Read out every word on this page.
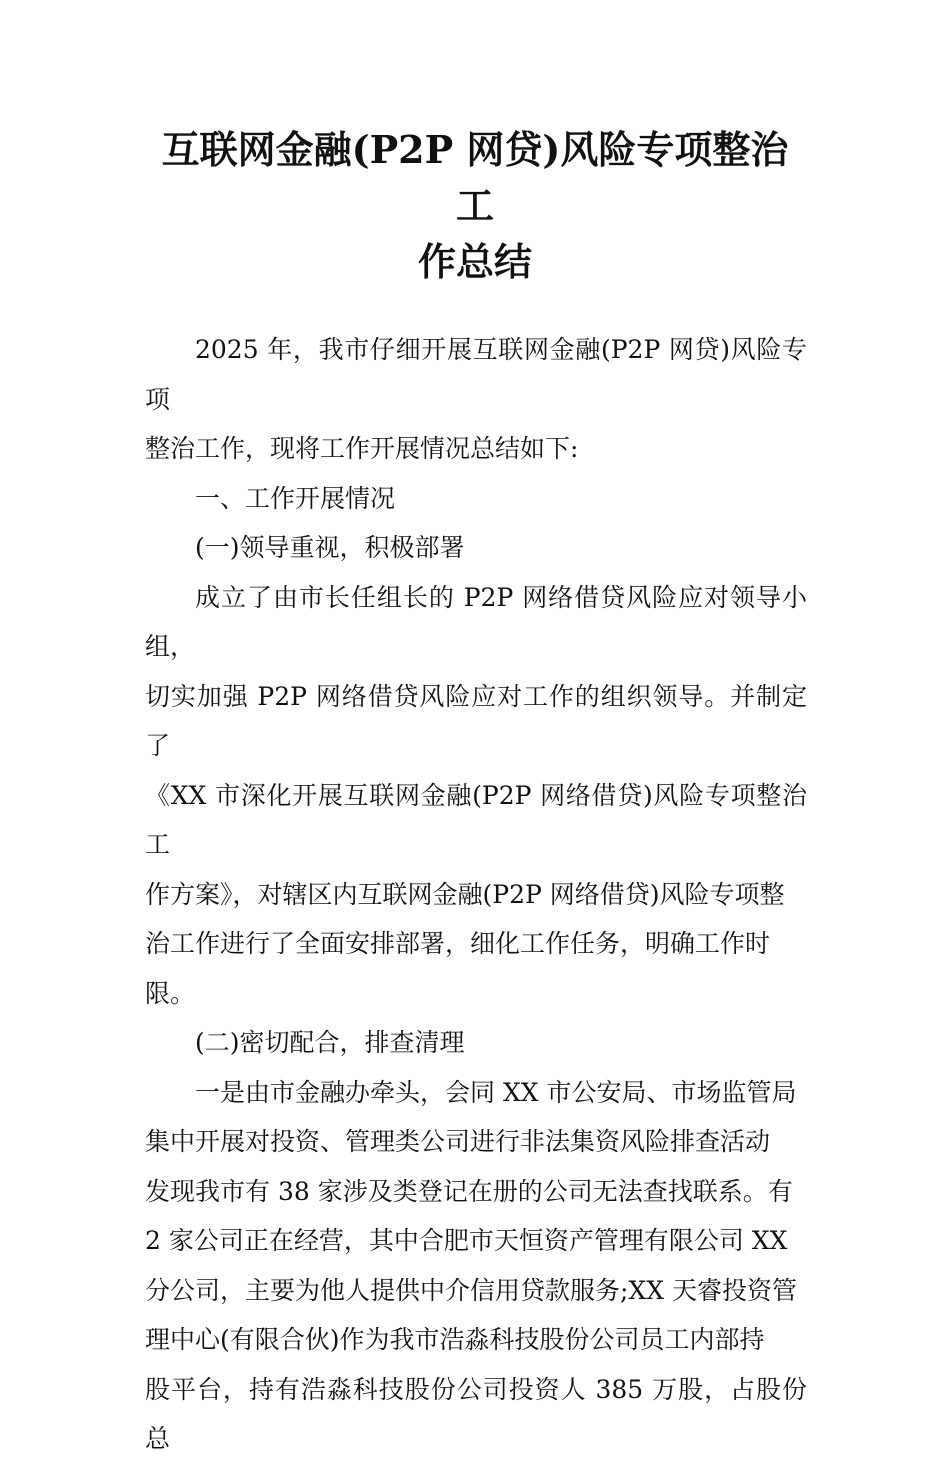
互联网金融(P2P 网贷)风险专项整治工
作总结

2025 年，我市仔细开展互联网金融(P2P 网贷)风险专项

整治工作，现将工作开展情况总结如下:

一、工作开展情况

(一)领导重视，积极部署

成立了由市长任组长的 P2P 网络借贷风险应对领导小组，

切实加强 P2P 网络借贷风险应对工作的组织领导。并制定了

《XX 市深化开展互联网金融(P2P 网络借贷)风险专项整治工

作方案》，对辖区内互联网金融(P2P 网络借贷)风险专项整

治工作进行了全面安排部署，细化工作任务，明确工作时

限。

(二)密切配合，排查清理

一是由市金融办牵头，会同 XX 市公安局、市场监管局

集中开展对投资、管理类公司进行非法集资风险排查活动

发现我市有 38 家涉及类登记在册的公司无法查找联系。有

2 家公司正在经营，其中合肥市天恒资产管理有限公司 XX

分公司，主要为他人提供中介信用贷款服务;XX 天睿投资管

理中心(有限合伙)作为我市浩淼科技股份公司员工内部持

股平台，持有浩淼科技股份公司投资人 385 万股，占股份总
